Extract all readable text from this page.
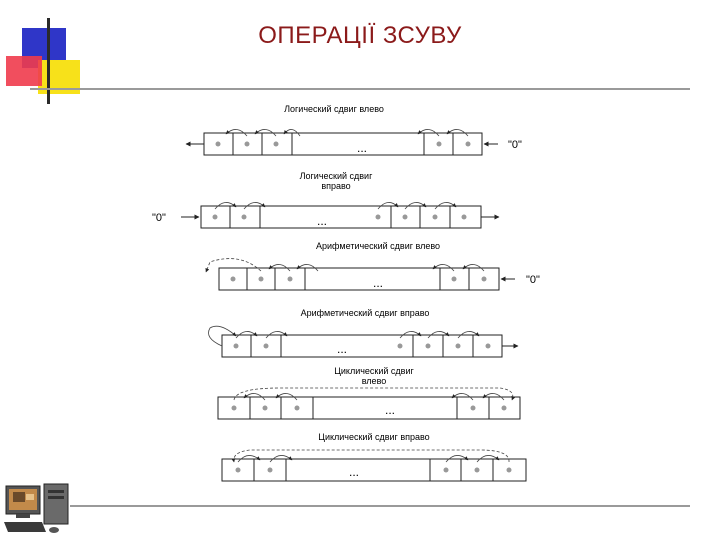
ОПЕРАЦІЇ ЗСУВУ
Логический сдвиг влево
...	"0"
Логический сдвиг
вправо
...
"0"
Арифметический сдвиг влево
...	"0"
Арифметический сдвиг вправо
...
Циклический сдвиг
влево
...
Циклический сдвиг вправо
...
